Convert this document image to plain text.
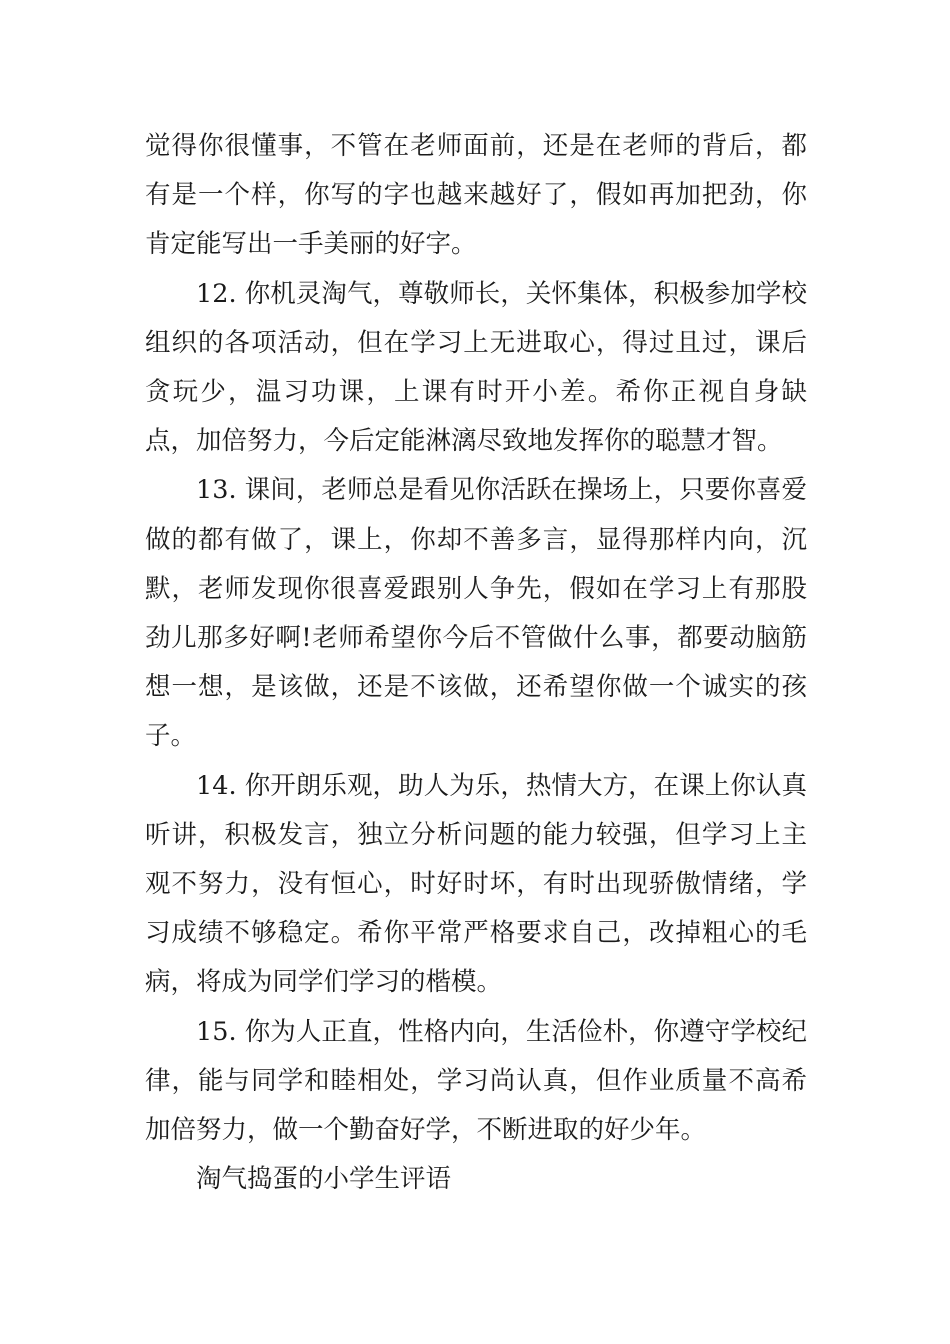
觉得你很懂事，不管在老师面前，还是在老师的背后，都有是一个样，你写的字也越来越好了，假如再加把劲，你肯定能写出一手美丽的好字。

12. 你机灵淘气，尊敬师长，关怀集体，积极参加学校组织的各项活动，但在学习上无进取心，得过且过，课后贪玩少，温习功课，上课有时开小差。希你正视自身缺点，加倍努力，今后定能淋漓尽致地发挥你的聪慧才智。

13. 课间，老师总是看见你活跃在操场上，只要你喜爱做的都有做了，课上，你却不善多言，显得那样内向，沉默，老师发现你很喜爱跟别人争先，假如在学习上有那股劲儿那多好啊!老师希望你今后不管做什么事，都要动脑筋想一想，是该做，还是不该做，还希望你做一个诚实的孩子。

14. 你开朗乐观，助人为乐，热情大方，在课上你认真听讲，积极发言，独立分析问题的能力较强，但学习上主观不努力，没有恒心，时好时坏，有时出现骄傲情绪，学习成绩不够稳定。希你平常严格要求自己，改掉粗心的毛病，将成为同学们学习的楷模。

15. 你为人正直，性格内向，生活俭朴，你遵守学校纪律，能与同学和睦相处，学习尚认真，但作业质量不高希加倍努力，做一个勤奋好学，不断进取的好少年。

淘气捣蛋的小学生评语
